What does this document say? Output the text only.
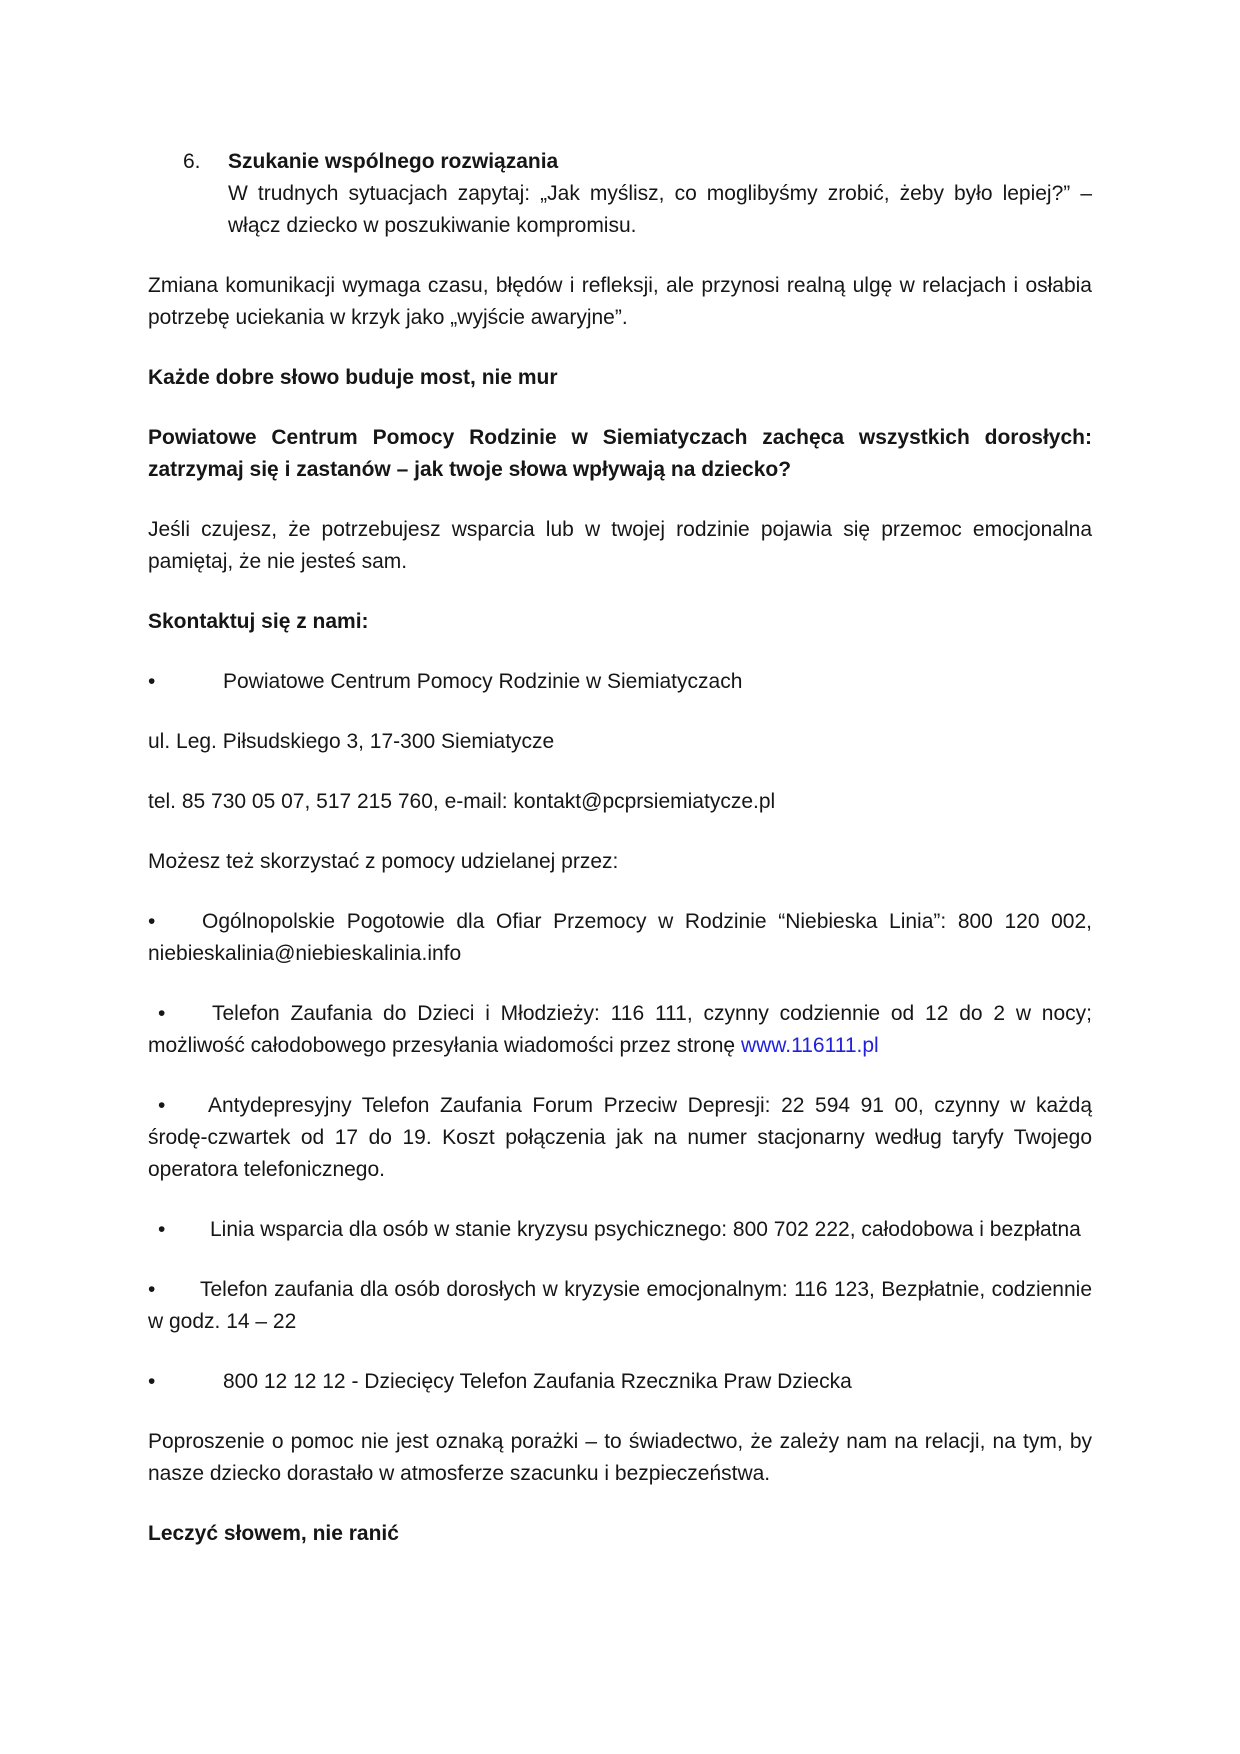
6. Szukanie wspólnego rozwiązania
W trudnych sytuacjach zapytaj: „Jak myślisz, co moglibyśmy zrobić, żeby było lepiej?” – włącz dziecko w poszukiwanie kompromisu.

Zmiana komunikacji wymaga czasu, błędów i refleksji, ale przynosi realną ulgę w relacjach i osłabia potrzebę uciekania w krzyk jako „wyjście awaryjne”.

Każde dobre słowo buduje most, nie mur

Powiatowe Centrum Pomocy Rodzinie w Siemiatyczach zachęca wszystkich dorosłych: zatrzymaj się i zastanów – jak twoje słowa wpływają na dziecko?

Jeśli czujesz, że potrzebujesz wsparcia lub w twojej rodzinie pojawia się przemoc emocjonalna pamiętaj, że nie jesteś sam.

Skontaktuj się z nami:

•	Powiatowe Centrum Pomocy Rodzinie w Siemiatyczach

ul. Leg. Piłsudskiego 3, 17-300 Siemiatycze

tel. 85 730 05 07, 517 215 760, e-mail: kontakt@pcprsiemiatycze.pl

Możesz też skorzystać z pomocy udzielanej przez:

• Ogólnopolskie Pogotowie dla Ofiar Przemocy w Rodzinie “Niebieska Linia”: 800 120 002, niebieskalinia@niebieskalinia.info

• Telefon Zaufania do Dzieci i Młodzieży: 116 111, czynny codziennie od 12 do 2 w nocy; możliwość całodobowego przesyłania wiadomości przez stronę www.116111.pl

• Antydepresyjny Telefon Zaufania Forum Przeciw Depresji: 22 594 91 00, czynny w każdą środę-czwartek od 17 do 19. Koszt połączenia jak na numer stacjonarny według taryfy Twojego operatora telefonicznego.

• Linia wsparcia dla osób w stanie kryzysu psychicznego: 800 702 222, całodobowa i bezpłatna

• Telefon zaufania dla osób dorosłych w kryzysie emocjonalnym: 116 123, Bezpłatnie, codziennie w godz. 14 – 22

•	800 12 12 12 - Dziecięcy Telefon Zaufania Rzecznika Praw Dziecka

Poproszenie o pomoc nie jest oznaką porażki – to świadectwo, że zależy nam na relacji, na tym, by nasze dziecko dorastało w atmosferze szacunku i bezpieczeństwa.

Leczyć słowem, nie ranić
